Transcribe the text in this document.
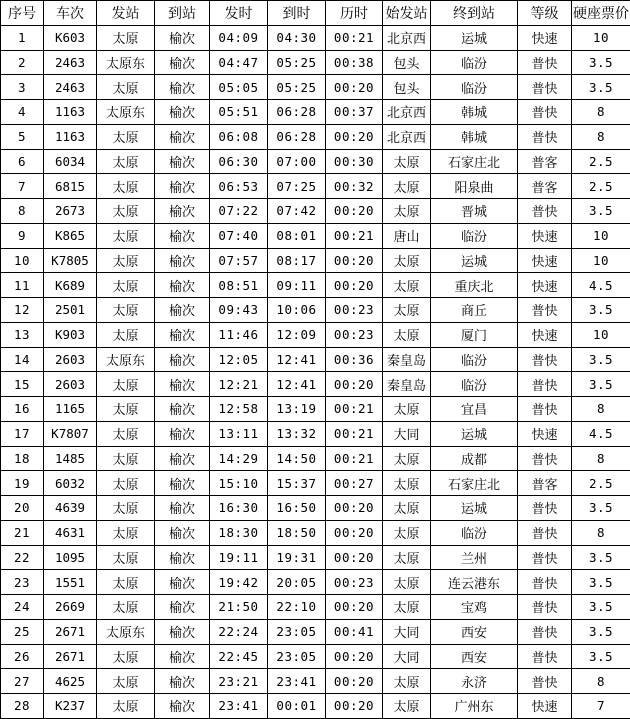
序号	车次	发站	到站	发时	到时	历时	始发站	终到站	等级	硬座票价
1	K603	太原	榆次	04:09	04:30	00:21	北京西	运城	快速	10
2	2463	太原东	榆次	04:47	05:25	00:38	包头	临汾	普快	3.5
3	2463	太原	榆次	05:05	05:25	00:20	包头	临汾	普快	3.5
4	1163	太原东	榆次	05:51	06:28	00:37	北京西	韩城	普快	8
5	1163	太原	榆次	06:08	06:28	00:20	北京西	韩城	普快	8
6	6034	太原	榆次	06:30	07:00	00:30	太原	石家庄北	普客	2.5
7	6815	太原	榆次	06:53	07:25	00:32	太原	阳泉曲	普客	2.5
8	2673	太原	榆次	07:22	07:42	00:20	太原	晋城	普快	3.5
9	K865	太原	榆次	07:40	08:01	00:21	唐山	临汾	快速	10
10	K7805	太原	榆次	07:57	08:17	00:20	太原	运城	快速	10
11	K689	太原	榆次	08:51	09:11	00:20	太原	重庆北	快速	4.5
12	2501	太原	榆次	09:43	10:06	00:23	太原	商丘	普快	3.5
13	K903	太原	榆次	11:46	12:09	00:23	太原	厦门	快速	10
14	2603	太原东	榆次	12:05	12:41	00:36	秦皇岛	临汾	普快	3.5
15	2603	太原	榆次	12:21	12:41	00:20	秦皇岛	临汾	普快	3.5
16	1165	太原	榆次	12:58	13:19	00:21	太原	宜昌	普快	8
17	K7807	太原	榆次	13:11	13:32	00:21	大同	运城	快速	4.5
18	1485	太原	榆次	14:29	14:50	00:21	太原	成都	普快	8
19	6032	太原	榆次	15:10	15:37	00:27	太原	石家庄北	普客	2.5
20	4639	太原	榆次	16:30	16:50	00:20	太原	运城	普快	3.5
21	4631	太原	榆次	18:30	18:50	00:20	太原	临汾	普快	8
22	1095	太原	榆次	19:11	19:31	00:20	太原	兰州	普快	3.5
23	1551	太原	榆次	19:42	20:05	00:23	太原	连云港东	普快	3.5
24	2669	太原	榆次	21:50	22:10	00:20	太原	宝鸡	普快	3.5
25	2671	太原东	榆次	22:24	23:05	00:41	大同	西安	普快	3.5
26	2671	太原	榆次	22:45	23:05	00:20	大同	西安	普快	3.5
27	4625	太原	榆次	23:21	23:41	00:20	太原	永济	普快	8
28	K237	太原	榆次	23:41	00:01	00:20	太原	广州东	快速	7
